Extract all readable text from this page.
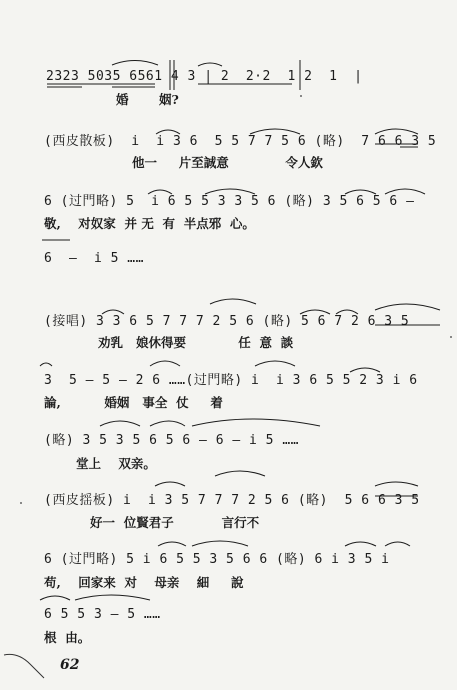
2323 5035 6561 4 3 | 2  2·2  1 2  1  |
婚       姻?
(西皮散板)  i  i 3 6  5 5 7 7 5 6 (略)  7 6 6 3 5
他一     片至誠意             令人欽
6 (过門略) 5  i 6 5 5 3 3 5 6 (略) 3 5 6 5 6 —
敬,    对奴家  并 无  有  半点邪  心。
6  —  i 5 ……
(接唱) 3 3 6 5 7 7 7 2 5 6 (略) 5 6 7 2 6 3 5
劝乳   娘休得要            任  意  談
3  5 — 5 — 2 6 ……(过門略) i  i 3 6 5 5 2 3 i 6
論,          婚姻   事全  仗     着
(略) 3 5 3 5 6 5 6 — 6 — i 5 ……
堂上    双亲。
(西皮揺板) i  i 3 5 7 7 7 2 5 6 (略)  5 6 6 3 5
好一  位賢君子           言行不
6 (过門略) 5 i 6 5 5 3 5 6 6 (略) 6 i 3 5 i
苟,    回家来  对    母亲    細     說
6 5 5 3 — 5 ……
根  由。
62
